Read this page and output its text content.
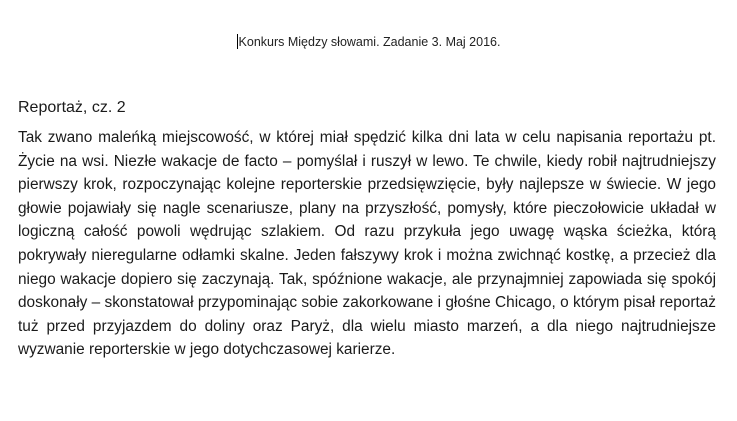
Konkurs Między słowami. Zadanie 3. Maj 2016.
Reportaż, cz. 2

Tak zwano maleńką miejscowość, w której miał spędzić kilka dni lata w celu napisania reportażu pt. Życie na wsi. Niezłe wakacje de facto – pomyślał i ruszył w lewo. Te chwile, kiedy robił najtrudniejszy pierwszy krok, rozpoczynając kolejne reporterskie przedsięwzięcie, były najlepsze w świecie. W jego głowie pojawiały się nagle scenariusze, plany na przyszłość, pomysły, które pieczołowicie układał w logiczną całość powoli wędrując szlakiem. Od razu przykuła jego uwagę wąska ścieżka, którą pokrywały nieregularne odłamki skalne. Jeden fałszywy krok i można zwichnąć kostkę, a przecież dla niego wakacje dopiero się zaczynają. Tak, spóźnione wakacje, ale przynajmniej zapowiada się spokój doskonały – skonstatował przypominając sobie zakorkowane i głośne Chicago, o którym pisał reportaż tuż przed przyjazdem do doliny oraz Paryż, dla wielu miasto marzeń, a dla niego najtrudniejsze wyzwanie reporterskie w jego dotychczasowej karierze.
